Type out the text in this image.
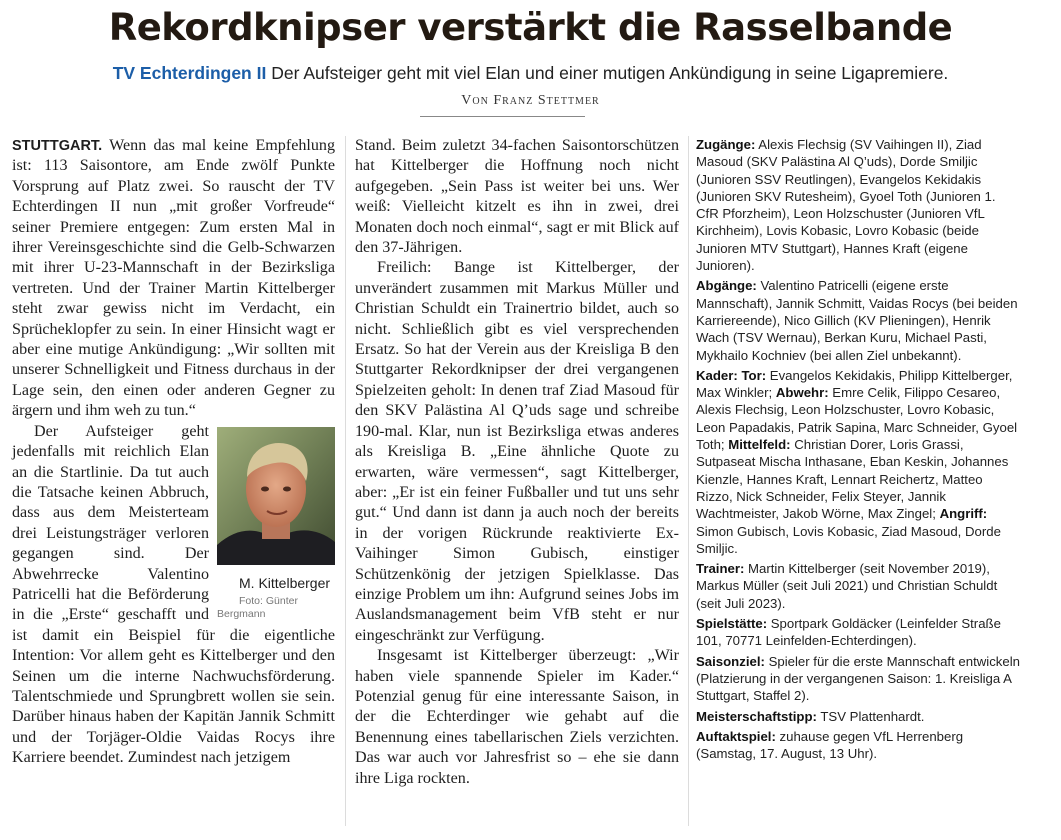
Rekordknipser verstärkt die Rasselbande
TV Echterdingen II Der Aufsteiger geht mit viel Elan und einer mutigen Ankündigung in seine Ligapremiere.
Von Franz Stettmer

STUTTGART. Wenn das mal keine Empfehlung ist: 113 Saisontore, am Ende zwölf Punkte Vorsprung auf Platz zwei. So rauscht der TV Echterdingen II nun „mit großer Vorfreude“ seiner Premiere entgegen: Zum ersten Mal in ihrer Vereinsgeschichte sind die Gelb-Schwarzen mit ihrer U-23-Mannschaft in der Bezirksliga vertreten. Und der Trainer Martin Kittelberger steht zwar gewiss nicht im Verdacht, ein Sprücheklopfer zu sein. In einer Hinsicht wagt er aber eine mutige Ankündigung: „Wir sollten mit unserer Schnelligkeit und Fitness durchaus in der Lage sein, den einen oder anderen Gegner zu ärgern und ihm weh zu tun.“

M. Kittelberger
Foto: Günter Bergmann
Der Aufsteiger geht jedenfalls mit reichlich Elan an die Startlinie. Da tut auch die Tatsache keinen Abbruch, dass aus dem Meisterteam drei Leistungsträger verloren gegangen sind. Der Abwehrrecke Valentino Patricelli hat die Beförderung in die „Erste“ geschafft und ist damit ein Beispiel für die eigentliche Intention: Vor allem geht es Kittelberger und den Seinen um die interne Nachwuchsförderung. Talentschmiede und Sprungbrett wollen sie sein. Darüber hinaus haben der Kapitän Jannik Schmitt und der Torjäger-Oldie Vaidas Rocys ihre Karriere beendet. Zumindest nach jetzigem

Stand. Beim zuletzt 34-fachen Saisontorschützen hat Kittelberger die Hoffnung noch nicht aufgegeben. „Sein Pass ist weiter bei uns. Wer weiß: Vielleicht kitzelt es ihn in zwei, drei Monaten doch noch einmal“, sagt er mit Blick auf den 37-Jährigen.

Freilich: Bange ist Kittelberger, der unverändert zusammen mit Markus Müller und Christian Schuldt ein Trainertrio bildet, auch so nicht. Schließlich gibt es viel versprechenden Ersatz. So hat der Verein aus der Kreisliga B den Stuttgarter Rekordknipser der drei vergangenen Spielzeiten geholt: In denen traf Ziad Masoud für den SKV Palästina Al Q’uds sage und schreibe 190-mal. Klar, nun ist Bezirksliga etwas anderes als Kreisliga B. „Eine ähnliche Quote zu erwarten, wäre vermessen“, sagt Kittelberger, aber: „Er ist ein feiner Fußballer und tut uns sehr gut.“ Und dann ist dann ja auch noch der bereits in der vorigen Rückrunde reaktivierte Ex-Vaihinger Simon Gubisch, einstiger Schützenkönig der jetzigen Spielklasse. Das einzige Problem um ihn: Aufgrund seines Jobs im Auslandsmanagement beim VfB steht er nur eingeschränkt zur Verfügung.

Insgesamt ist Kittelberger überzeugt: „Wir haben viele spannende Spieler im Kader.“ Potenzial genug für eine interessante Saison, in der die Echterdinger wie gehabt auf die Benennung eines tabellarischen Ziels verzichten. Das war auch vor Jahresfrist so – ehe sie dann ihre Liga rockten.

Zugänge: Alexis Flechsig (SV Vaihingen II), Ziad Masoud (SKV Palästina Al Q’uds), Dorde Smiljic (Junioren SSV Reutlingen), Evangelos Kekidakis (Junioren SKV Rutesheim), Gyoel Toth (Junioren 1. CfR Pforzheim), Leon Holzschuster (Junioren VfL Kirchheim), Lovis Kobasic, Lovro Kobasic (beide Junioren MTV Stuttgart), Hannes Kraft (eigene Junioren).

Abgänge: Valentino Patricelli (eigene erste Mannschaft), Jannik Schmitt, Vaidas Rocys (bei beiden Karriereende), Nico Gillich (KV Plieningen), Henrik Wach (TSV Wernau), Berkan Kuru, Michael Pasti, Mykhailo Kochniev (bei allen Ziel unbekannt).

Kader: Tor: Evangelos Kekidakis, Philipp Kittelberger, Max Winkler; Abwehr: Emre Celik, Filippo Cesareo, Alexis Flechsig, Leon Holzschuster, Lovro Kobasic, Leon Papadakis, Patrik Sapina, Marc Schneider, Gyoel Toth; Mittelfeld: Christian Dorer, Loris Grassi, Sutpaseat Mischa Inthasane, Eban Keskin, Johannes Kienzle, Hannes Kraft, Lennart Reichertz, Matteo Rizzo, Nick Schneider, Felix Steyer, Jannik Wachtmeister, Jakob Wörne, Max Zingel; Angriff: Simon Gubisch, Lovis Kobasic, Ziad Masoud, Dorde Smiljic.

Trainer: Martin Kittelberger (seit November 2019), Markus Müller (seit Juli 2021) und Christian Schuldt (seit Juli 2023).

Spielstätte: Sportpark Goldäcker (Leinfelder Straße 101, 70771 Leinfelden-Echterdingen).

Saisonziel: Spieler für die erste Mannschaft entwickeln (Platzierung in der vergangenen Saison: 1. Kreisliga A Stuttgart, Staffel 2).

Meisterschaftstipp: TSV Plattenhardt.

Auftaktspiel: zuhause gegen VfL Herrenberg (Samstag, 17. August, 13 Uhr).
